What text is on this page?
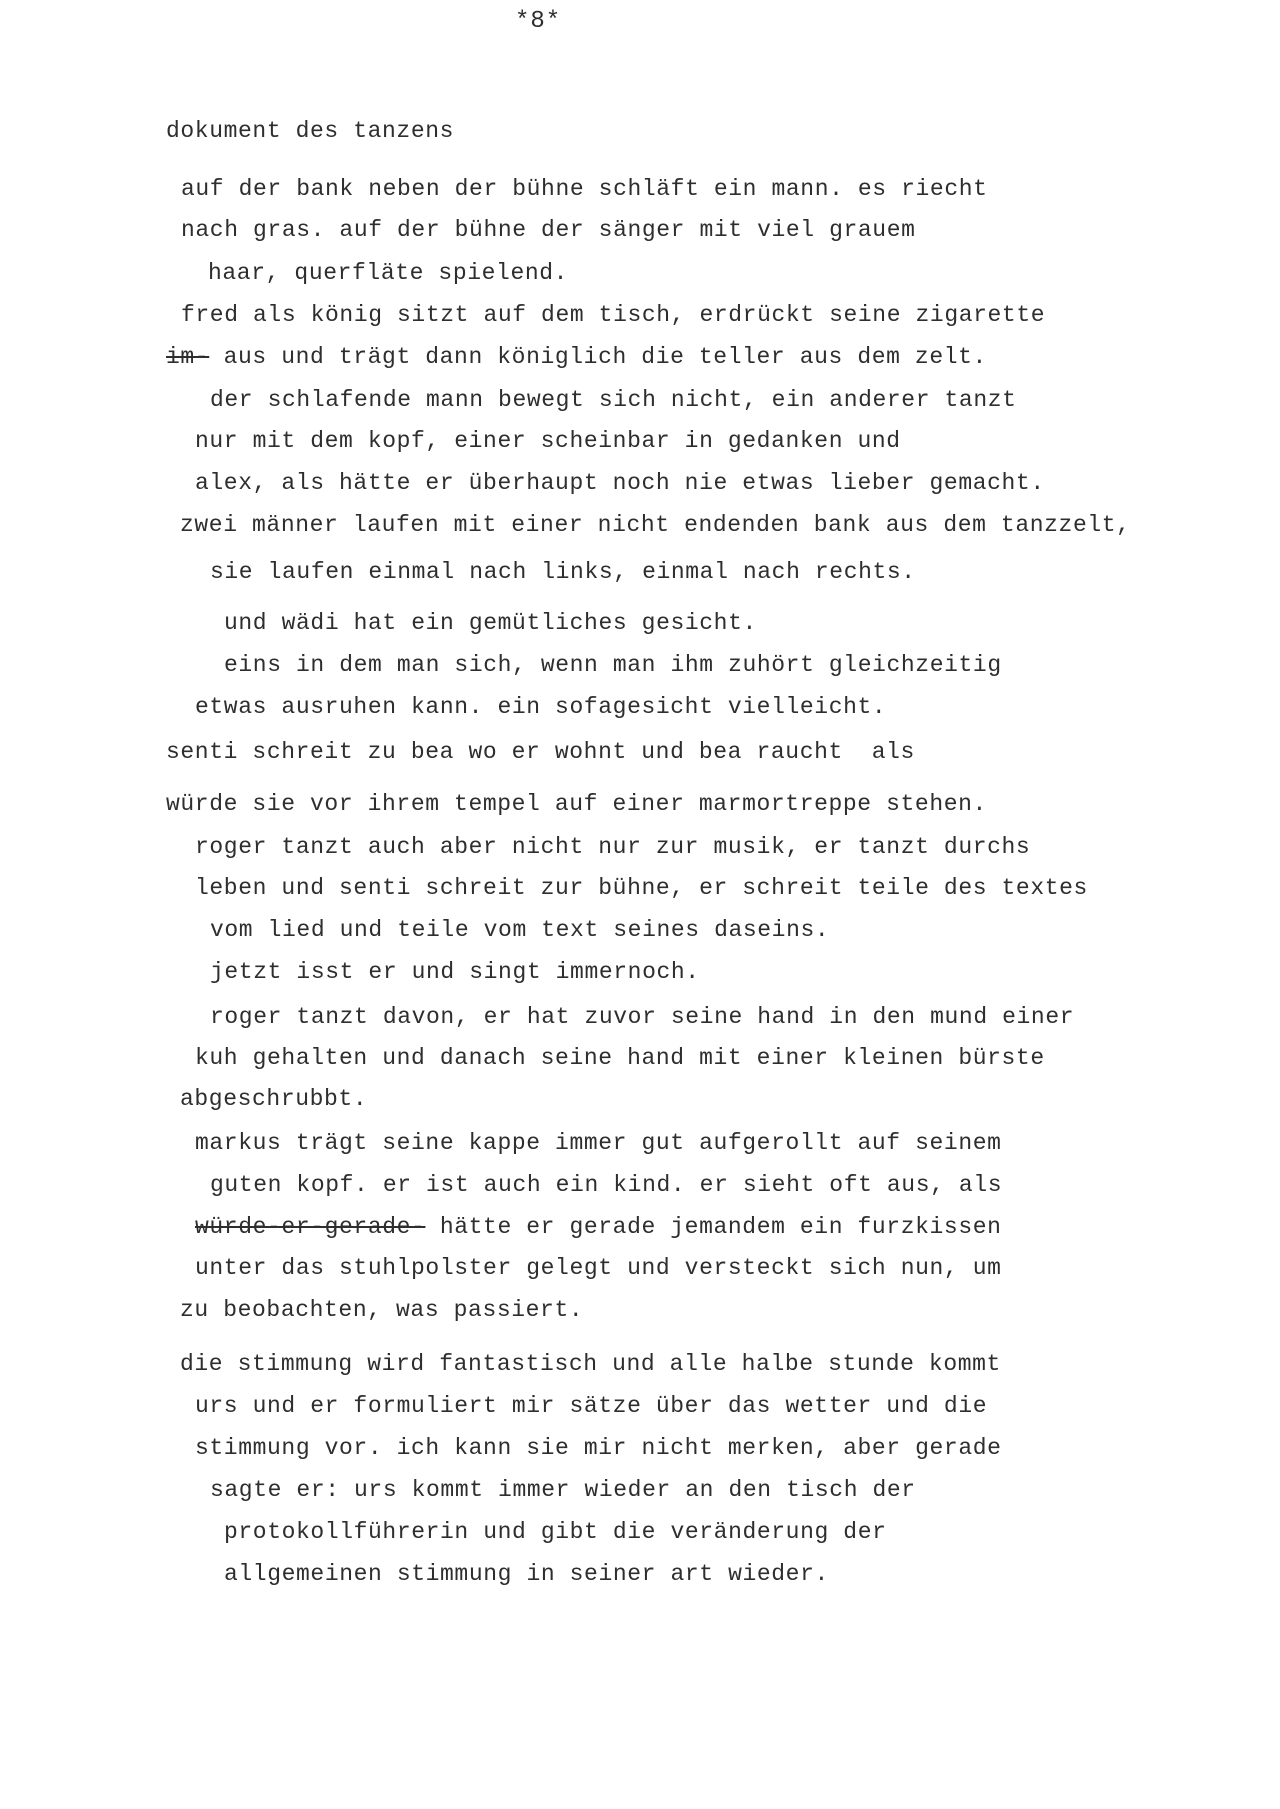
*8*
dokument des tanzens
auf der bank neben der bühne schläft ein mann. es riecht
nach gras. auf der bühne der sänger mit viel grauem
haar, querfläte spielend.
fred als könig sitzt auf dem tisch, erdrückt seine zigarette
im- aus und trägt dann königlich die teller aus dem zelt.
der schlafende mann bewegt sich nicht, ein anderer tanzt
nur mit dem kopf, einer scheinbar in gedanken und
alex, als hätte er überhaupt noch nie etwas lieber gemacht.
zwei männer laufen mit einer nicht endenden bank aus dem tanzzelt,
sie laufen einmal nach links, einmal nach rechts.
und wädi hat ein gemütliches gesicht.
eins in dem man sich, wenn man ihm zuhört gleichzeitig
etwas ausruhen kann. ein sofagesicht vielleicht.
senti schreit zu bea wo er wohnt und bea raucht  als
würde sie vor ihrem tempel auf einer marmortreppe stehen.
roger tanzt auch aber nicht nur zur musik, er tanzt durchs
leben und senti schreit zur bühne, er schreit teile des textes
vom lied und teile vom text seines daseins.
jetzt isst er und singt immernoch.
roger tanzt davon, er hat zuvor seine hand in den mund einer
kuh gehalten und danach seine hand mit einer kleinen bürste
abgeschrubbt.
markus trägt seine kappe immer gut aufgerollt auf seinem
guten kopf. er ist auch ein kind. er sieht oft aus, als
würde-er-gerade- hätte er gerade jemandem ein furzkissen
unter das stuhlpolster gelegt und versteckt sich nun, um
zu beobachten, was passiert.
die stimmung wird fantastisch und alle halbe stunde kommt
urs und er formuliert mir sätze über das wetter und die
stimmung vor. ich kann sie mir nicht merken, aber gerade
sagte er: urs kommt immer wieder an den tisch der
protokollführerin und gibt die veränderung der
allgemeinen stimmung in seiner art wieder.
